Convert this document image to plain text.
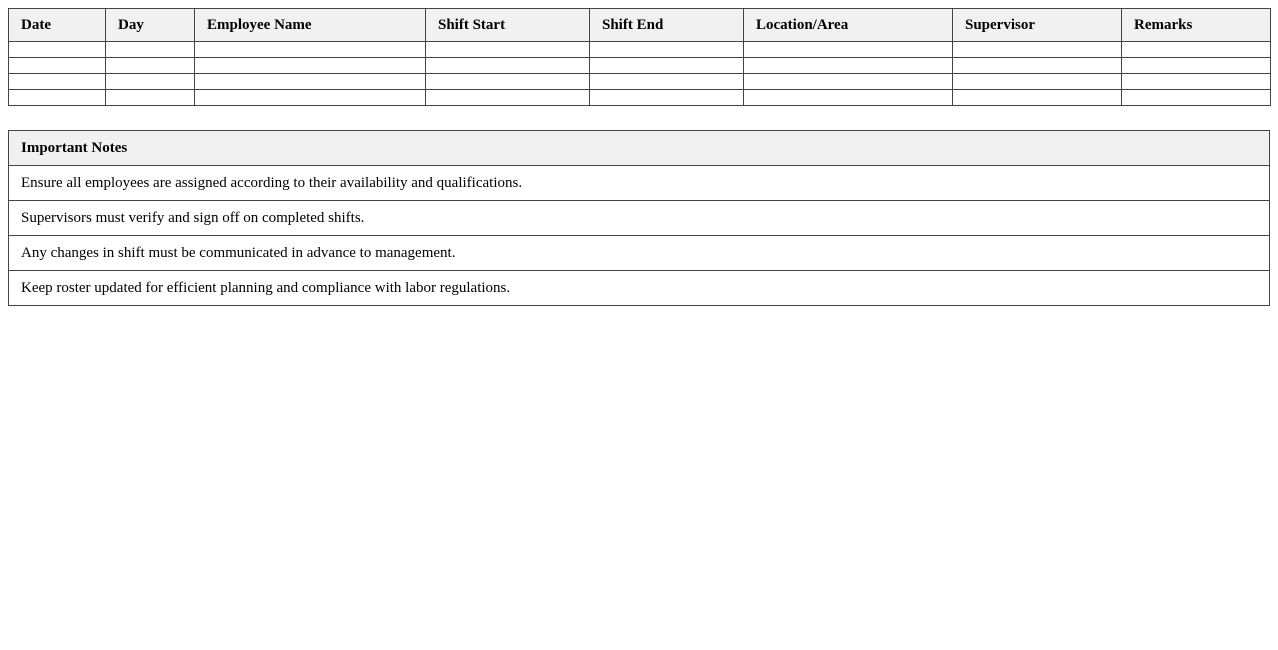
Date	Day	Employee Name	Shift Start	Shift End	Location/Area	Supervisor	Remarks

Important Notes
Ensure all employees are assigned according to their availability and qualifications.
Supervisors must verify and sign off on completed shifts.
Any changes in shift must be communicated in advance to management.
Keep roster updated for efficient planning and compliance with labor regulations.
